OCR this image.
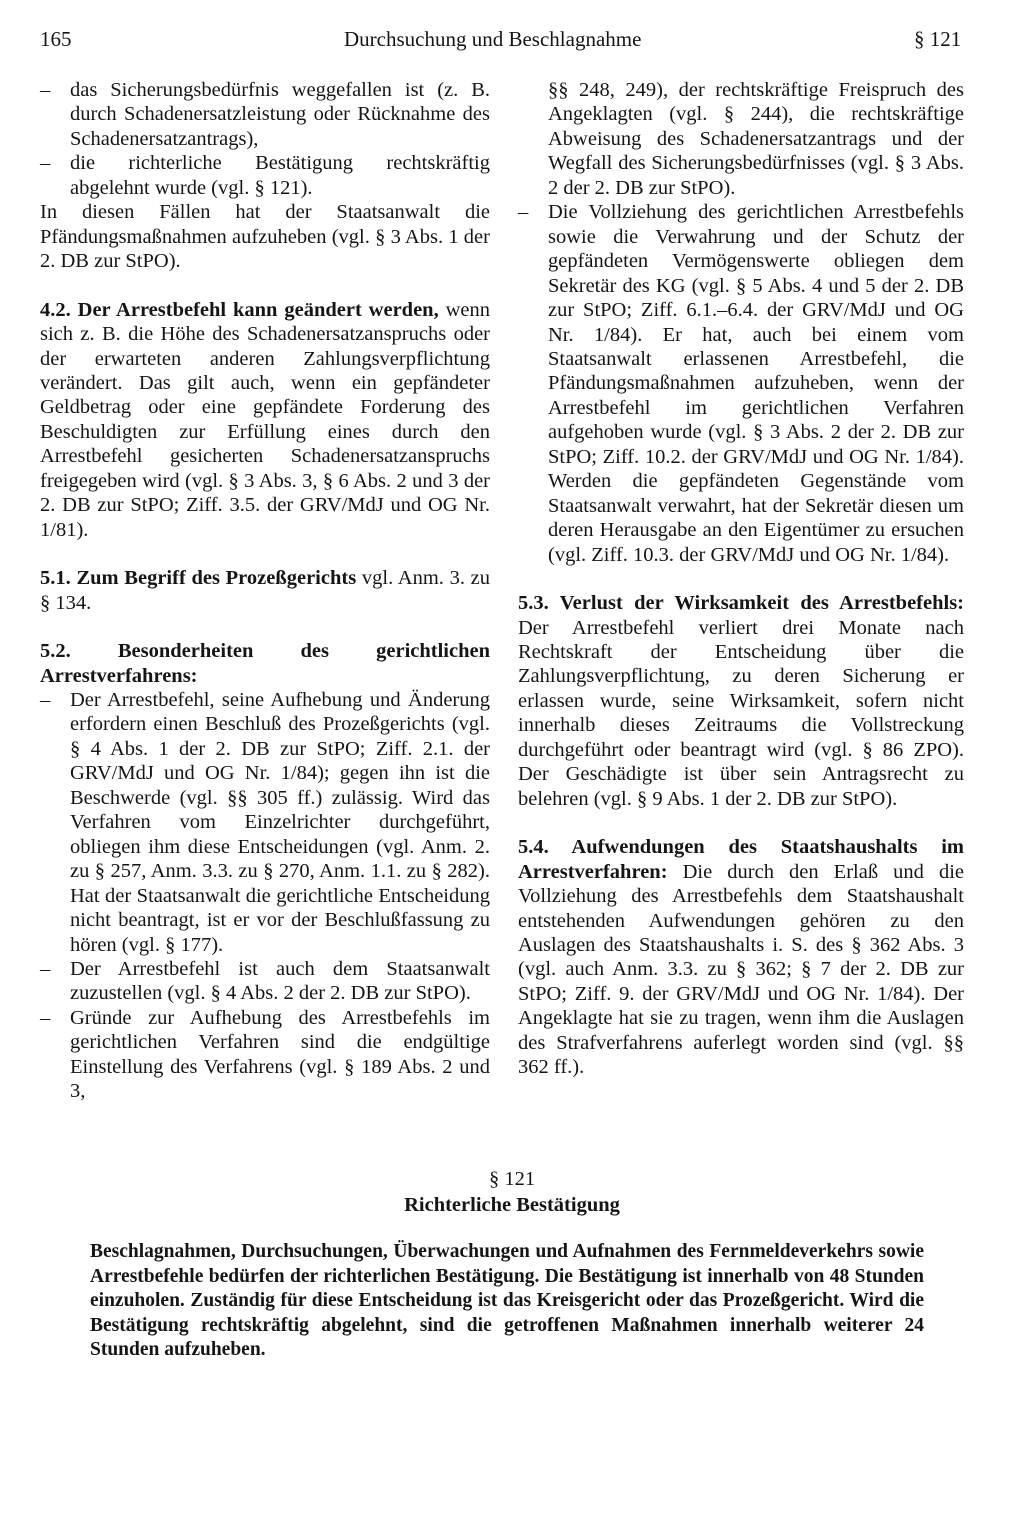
165	Durchsuchung und Beschlagnahme	§ 121
– das Sicherungsbedürfnis weggefallen ist (z. B. durch Schadenersatzleistung oder Rücknahme des Schadenersatzantrags),
– die richterliche Bestätigung rechtskräftig abgelehnt wurde (vgl. § 121).

In diesen Fällen hat der Staatsanwalt die Pfändungsmaßnahmen aufzuheben (vgl. § 3 Abs. 1 der 2. DB zur StPO).

4.2. Der Arrestbefehl kann geändert werden, wenn sich z. B. die Höhe des Schadenersatzanspruchs oder der erwarteten anderen Zahlungsverpflichtung verändert. Das gilt auch, wenn ein gepfändeter Geldbetrag oder eine gepfändete Forderung des Beschuldigten zur Erfüllung eines durch den Arrestbefehl gesicherten Schadenersatzanspruchs freigegeben wird (vgl. § 3 Abs. 3, § 6 Abs. 2 und 3 der 2. DB zur StPO; Ziff. 3.5. der GRV/MdJ und OG Nr. 1/81).

5.1. Zum Begriff des Prozeßgerichts vgl. Anm. 3. zu § 134.

5.2. Besonderheiten des gerichtlichen Arrestverfahrens:

– Der Arrestbefehl, seine Aufhebung und Änderung erfordern einen Beschluß des Prozeßgerichts (vgl. § 4 Abs. 1 der 2. DB zur StPO; Ziff. 2.1. der GRV/MdJ und OG Nr. 1/84); gegen ihn ist die Beschwerde (vgl. §§ 305 ff.) zulässig. Wird das Verfahren vom Einzelrichter durchgeführt, obliegen ihm diese Entscheidungen (vgl. Anm. 2. zu § 257, Anm. 3.3. zu § 270, Anm. 1.1. zu § 282). Hat der Staatsanwalt die gerichtliche Entscheidung nicht beantragt, ist er vor der Beschlußfassung zu hören (vgl. § 177).
– Der Arrestbefehl ist auch dem Staatsanwalt zuzustellen (vgl. § 4 Abs. 2 der 2. DB zur StPO).
– Gründe zur Aufhebung des Arrestbefehls im gerichtlichen Verfahren sind die endgültige Einstellung des Verfahrens (vgl. § 189 Abs. 2 und 3,

§§ 248, 249), der rechtskräftige Freispruch des Angeklagten (vgl. § 244), die rechtskräftige Abweisung des Schadenersatzantrags und der Wegfall des Sicherungsbedürfnisses (vgl. § 3 Abs. 2 der 2. DB zur StPO).

– Die Vollziehung des gerichtlichen Arrestbefehls sowie die Verwahrung und der Schutz der gepfändeten Vermögenswerte obliegen dem Sekretär des KG (vgl. § 5 Abs. 4 und 5 der 2. DB zur StPO; Ziff. 6.1.–6.4. der GRV/MdJ und OG Nr. 1/84). Er hat, auch bei einem vom Staatsanwalt erlassenen Arrestbefehl, die Pfändungsmaßnahmen aufzuheben, wenn der Arrestbefehl im gerichtlichen Verfahren aufgehoben wurde (vgl. § 3 Abs. 2 der 2. DB zur StPO; Ziff. 10.2. der GRV/MdJ und OG Nr. 1/84). Werden die gepfändeten Gegenstände vom Staatsanwalt verwahrt, hat der Sekretär diesen um deren Herausgabe an den Eigentümer zu ersuchen (vgl. Ziff. 10.3. der GRV/MdJ und OG Nr. 1/84).

5.3. Verlust der Wirksamkeit des Arrestbefehls: Der Arrestbefehl verliert drei Monate nach Rechtskraft der Entscheidung über die Zahlungsverpflichtung, zu deren Sicherung er erlassen wurde, seine Wirksamkeit, sofern nicht innerhalb dieses Zeitraums die Vollstreckung durchgeführt oder beantragt wird (vgl. § 86 ZPO). Der Geschädigte ist über sein Antragsrecht zu belehren (vgl. § 9 Abs. 1 der 2. DB zur StPO).

5.4. Aufwendungen des Staatshaushalts im Arrestverfahren: Die durch den Erlaß und die Vollziehung des Arrestbefehls dem Staatshaushalt entstehenden Aufwendungen gehören zu den Auslagen des Staatshaushalts i. S. des § 362 Abs. 3 (vgl. auch Anm. 3.3. zu § 362; § 7 der 2. DB zur StPO; Ziff. 9. der GRV/MdJ und OG Nr. 1/84). Der Angeklagte hat sie zu tragen, wenn ihm die Auslagen des Strafverfahrens auferlegt worden sind (vgl. §§ 362 ff.).

§ 121
Richterliche Bestätigung
Beschlagnahmen, Durchsuchungen, Überwachungen und Aufnahmen des Fernmeldeverkehrs sowie Arrestbefehle bedürfen der richterlichen Bestätigung. Die Bestätigung ist innerhalb von 48 Stunden einzuholen. Zuständig für diese Entscheidung ist das Kreisgericht oder das Prozeßgericht. Wird die Bestätigung rechtskräftig abgelehnt, sind die getroffenen Maßnahmen innerhalb weiterer 24 Stunden aufzuheben.
